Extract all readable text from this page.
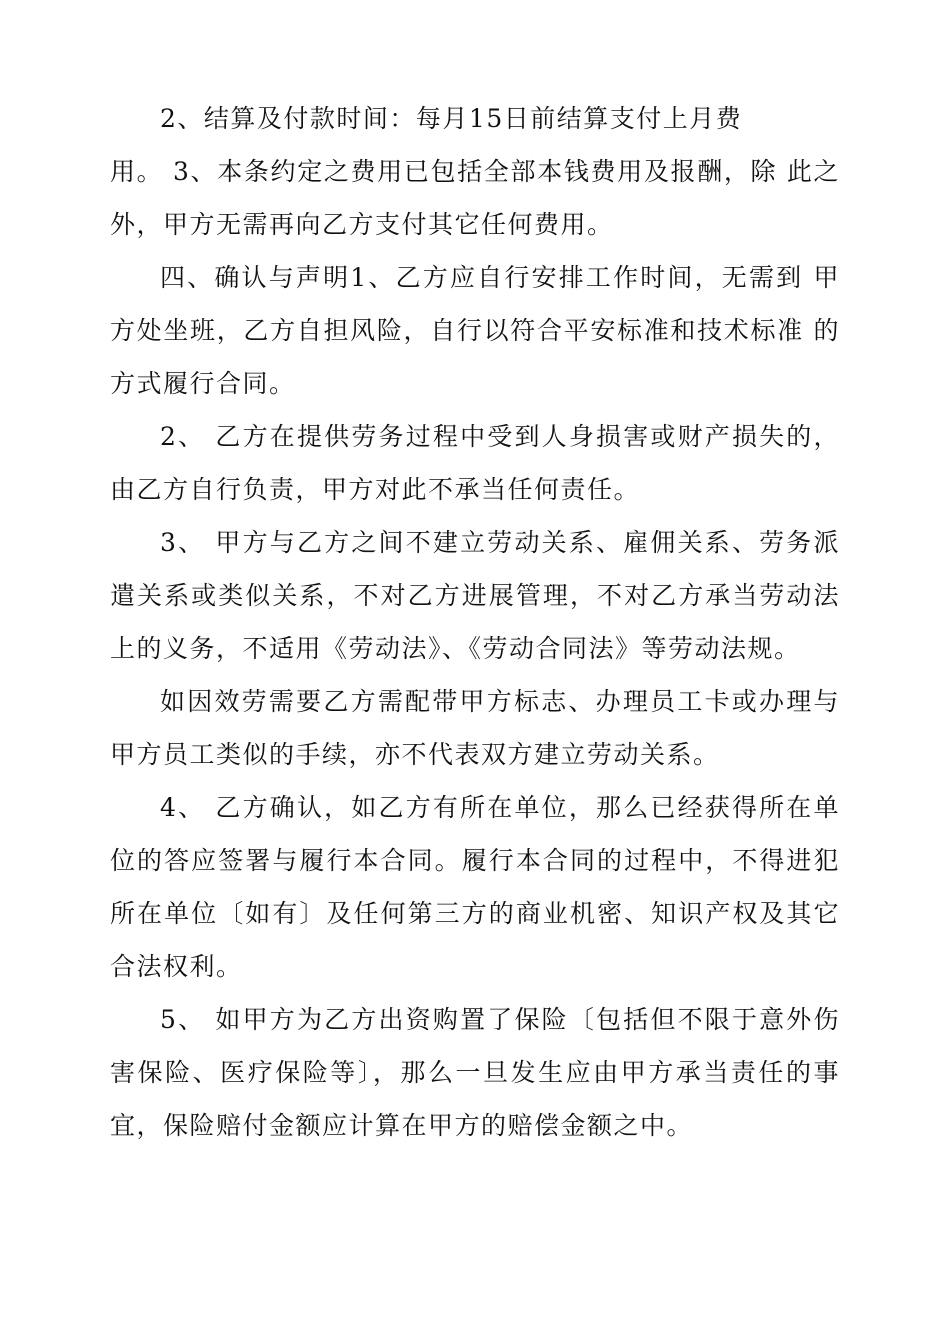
2、结算及付款时间：每月15日前结算支付上月费

用。 3、本条约定之费用已包括全部本钱费用及报酬，除 此之外，甲方无需再向乙方支付其它任何费用。

四、确认与声明1、乙方应自行安排工作时间，无需到 甲方处坐班，乙方自担风险，自行以符合平安标准和技术标准 的方式履行合同。

2、 乙方在提供劳务过程中受到人身损害或财产损失的， 由乙方自行负责，甲方对此不承当任何责任。

3、 甲方与乙方之间不建立劳动关系、雇佣关系、劳务派 遣关系或类似关系，不对乙方进展管理，不对乙方承当劳动法 上的义务，不适用《劳动法》、《劳动合同法》等劳动法规。

如因效劳需要乙方需配带甲方标志、办理员工卡或办理与甲方员工类似的手续，亦不代表双方建立劳动关系。

4、 乙方确认，如乙方有所在单位，那么已经获得所在单 位的答应签署与履行本合同。履行本合同的过程中，不得进犯 所在单位〔如有〕及任何第三方的商业机密、知识产权及其它 合法权利。

5、 如甲方为乙方出资购置了保险〔包括但不限于意外伤 害保险、医疗保险等〕，那么一旦发生应由甲方承当责任的事宜，保险赔付金额应计算在甲方的赔偿金额之中。
